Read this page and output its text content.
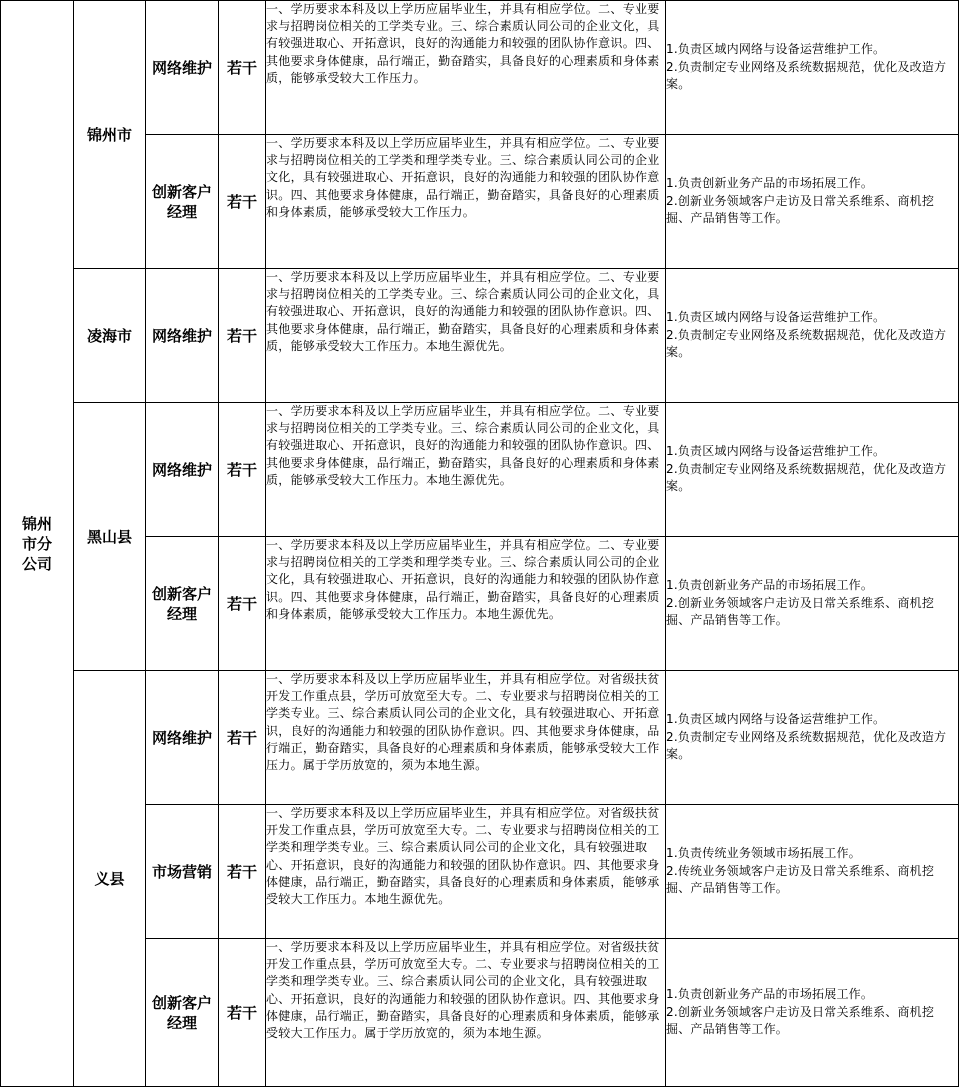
锦州市分公司	锦州市	网络维护	若干	一、学历要求本科及以上学历应届毕业生，并具有相应学位。二、专业要求与招聘岗位相关的工学类专业。三、综合素质认同公司的企业文化，具有较强进取心、开拓意识，良好的沟通能力和较强的团队协作意识。四、其他要求身体健康，品行端正，勤奋踏实，具备良好的心理素质和身体素质，能够承受较大工作压力。	1.负责区域内网络与设备运营维护工作。
2.负责制定专业网络及系统数据规范，优化及改造方案。

		创新客户经理	若干	一、学历要求本科及以上学历应届毕业生，并具有相应学位。二、专业要求与招聘岗位相关的工学类和理学类专业。三、综合素质认同公司的企业文化，具有较强进取心、开拓意识，良好的沟通能力和较强的团队协作意识。四、其他要求身体健康，品行端正，勤奋踏实，具备良好的心理素质和身体素质，能够承受较大工作压力。	1.负责创新业务产品的市场拓展工作。
2.创新业务领域客户走访及日常关系维系、商机挖掘、产品销售等工作。

	凌海市	网络维护	若干	一、学历要求本科及以上学历应届毕业生，并具有相应学位。二、专业要求与招聘岗位相关的工学类专业。三、综合素质认同公司的企业文化，具有较强进取心、开拓意识，良好的沟通能力和较强的团队协作意识。四、其他要求身体健康，品行端正，勤奋踏实，具备良好的心理素质和身体素质，能够承受较大工作压力。本地生源优先。	1.负责区域内网络与设备运营维护工作。
2.负责制定专业网络及系统数据规范，优化及改造方案。

	黑山县	网络维护	若干	一、学历要求本科及以上学历应届毕业生，并具有相应学位。二、专业要求与招聘岗位相关的工学类专业。三、综合素质认同公司的企业文化，具有较强进取心、开拓意识，良好的沟通能力和较强的团队协作意识。四、其他要求身体健康，品行端正，勤奋踏实，具备良好的心理素质和身体素质，能够承受较大工作压力。本地生源优先。	1.负责区域内网络与设备运营维护工作。
2.负责制定专业网络及系统数据规范，优化及改造方案。

		创新客户经理	若干	一、学历要求本科及以上学历应届毕业生，并具有相应学位。二、专业要求与招聘岗位相关的工学类和理学类专业。三、综合素质认同公司的企业文化，具有较强进取心、开拓意识，良好的沟通能力和较强的团队协作意识。四、其他要求身体健康，品行端正，勤奋踏实，具备良好的心理素质和身体素质，能够承受较大工作压力。本地生源优先。	1.负责创新业务产品的市场拓展工作。
2.创新业务领域客户走访及日常关系维系、商机挖掘、产品销售等工作。

	义县	网络维护	若干	一、学历要求本科及以上学历应届毕业生，并具有相应学位。对省级扶贫开发工作重点县，学历可放宽至大专。二、专业要求与招聘岗位相关的工学类专业。三、综合素质认同公司的企业文化，具有较强进取心、开拓意识，良好的沟通能力和较强的团队协作意识。四、其他要求身体健康，品行端正，勤奋踏实，具备良好的心理素质和身体素质，能够承受较大工作压力。属于学历放宽的，须为本地生源。	1.负责区域内网络与设备运营维护工作。
2.负责制定专业网络及系统数据规范，优化及改造方案。

		市场营销	若干	一、学历要求本科及以上学历应届毕业生，并具有相应学位。对省级扶贫开发工作重点县，学历可放宽至大专。二、专业要求与招聘岗位相关的工学类和理学类专业。三、综合素质认同公司的企业文化，具有较强进取心、开拓意识，良好的沟通能力和较强的团队协作意识。四、其他要求身体健康，品行端正，勤奋踏实，具备良好的心理素质和身体素质，能够承受较大工作压力。本地生源优先。	1.负责传统业务领域市场拓展工作。
2.传统业务领域客户走访及日常关系维系、商机挖掘、产品销售等工作。

		创新客户经理	若干	一、学历要求本科及以上学历应届毕业生，并具有相应学位。对省级扶贫开发工作重点县，学历可放宽至大专。二、专业要求与招聘岗位相关的工学类和理学类专业。三、综合素质认同公司的企业文化，具有较强进取心、开拓意识，良好的沟通能力和较强的团队协作意识。四、其他要求身体健康，品行端正，勤奋踏实，具备良好的心理素质和身体素质，能够承受较大工作压力。属于学历放宽的，须为本地生源。	1.负责创新业务产品的市场拓展工作。
2.创新业务领域客户走访及日常关系维系、商机挖掘、产品销售等工作。
